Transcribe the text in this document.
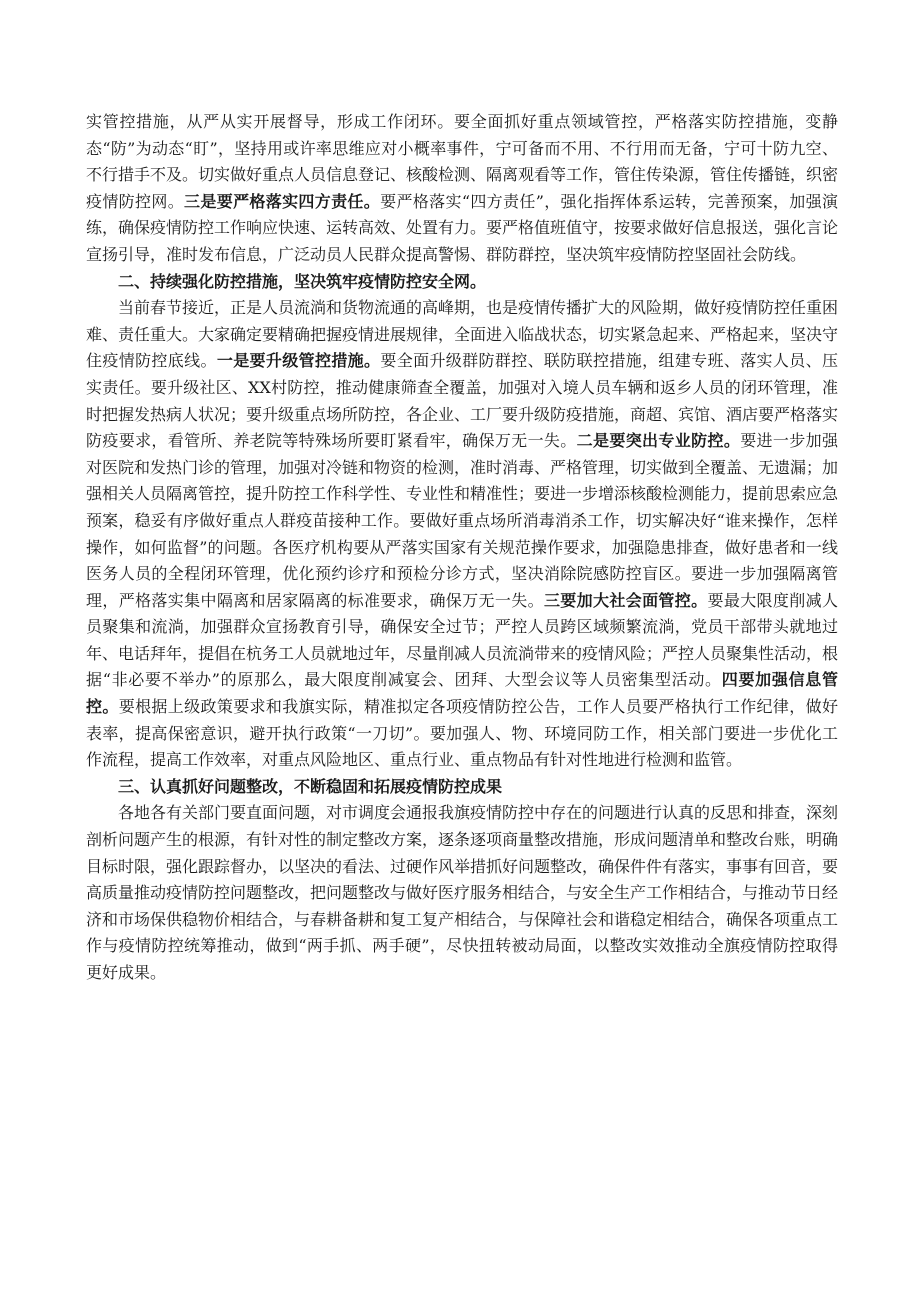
实管控措施，从严从实开展督导，形成工作闭环。要全面抓好重点领域管控，严格落实防控措施，变静态“防”为动态“盯”，坚持用或许率思维应对小概率事件，宁可备而不用、不行用而无备，宁可十防九空、不行措手不及。切实做好重点人员信息登记、核酸检测、隔离观看等工作，管住传染源，管住传播链，织密疫情防控网。三是要严格落实四方责任。要严格落实“四方责任”，强化指挥体系运转，完善预案，加强演练，确保疫情防控工作响应快速、运转高效、处置有力。要严格值班值守，按要求做好信息报送，强化言论宣扬引导，准时发布信息，广泛动员人民群众提高警惕、群防群控，坚决筑牢疫情防控坚固社会防线。

二、持续强化防控措施，坚决筑牢疫情防控安全网。

当前春节接近，正是人员流淌和货物流通的高峰期，也是疫情传播扩大的风险期，做好疫情防控任重困难、责任重大。大家确定要精确把握疫情进展规律，全面进入临战状态，切实紧急起来、严格起来，坚决守住疫情防控底线。一是要升级管控措施。要全面升级群防群控、联防联控措施，组建专班、落实人员、压实责任。要升级社区、XX村防控，推动健康筛查全覆盖，加强对入境人员车辆和返乡人员的闭环管理，准时把握发热病人状况；要升级重点场所防控，各企业、工厂要升级防疫措施，商超、宾馆、酒店要严格落实防疫要求，看管所、养老院等特殊场所要盯紧看牢，确保万无一失。二是要突出专业防控。要进一步加强对医院和发热门诊的管理，加强对冷链和物资的检测，准时消毒、严格管理，切实做到全覆盖、无遗漏；加强相关人员隔离管控，提升防控工作科学性、专业性和精准性；要进一步增添核酸检测能力，提前思索应急预案，稳妥有序做好重点人群疫苗接种工作。要做好重点场所消毒消杀工作，切实解决好“谁来操作，怎样操作，如何监督”的问题。各医疗机构要从严落实国家有关规范操作要求，加强隐患排查，做好患者和一线医务人员的全程闭环管理，优化预约诊疗和预检分诊方式，坚决消除院感防控盲区。要进一步加强隔离管理，严格落实集中隔离和居家隔离的标准要求，确保万无一失。三要加大社会面管控。要最大限度削减人员聚集和流淌，加强群众宣扬教育引导，确保安全过节；严控人员跨区域频繁流淌，党员干部带头就地过年、电话拜年，提倡在杭务工人员就地过年，尽量削减人员流淌带来的疫情风险；严控人员聚集性活动，根据“非必要不举办”的原那么，最大限度削减宴会、团拜、大型会议等人员密集型活动。四要加强信息管控。要根据上级政策要求和我旗实际，精准拟定各项疫情防控公告，工作人员要严格执行工作纪律，做好表率，提高保密意识，避开执行政策“一刀切”。要加强人、物、环境同防工作，相关部门要进一步优化工作流程，提高工作效率，对重点风险地区、重点行业、重点物品有针对性地进行检测和监管。

三、认真抓好问题整改，不断稳固和拓展疫情防控成果

各地各有关部门要直面问题，对市调度会通报我旗疫情防控中存在的问题进行认真的反思和排查，深刻剖析问题产生的根源，有针对性的制定整改方案，逐条逐项商量整改措施，形成问题清单和整改台账，明确目标时限，强化跟踪督办，以坚决的看法、过硬作风举措抓好问题整改，确保件件有落实，事事有回音，要高质量推动疫情防控问题整改，把问题整改与做好医疗服务相结合，与安全生产工作相结合，与推动节日经济和市场保供稳物价相结合，与春耕备耕和复工复产相结合，与保障社会和谐稳定相结合，确保各项重点工作与疫情防控统筹推动，做到“两手抓、两手硬”，尽快扭转被动局面，以整改实效推动全旗疫情防控取得更好成果。
